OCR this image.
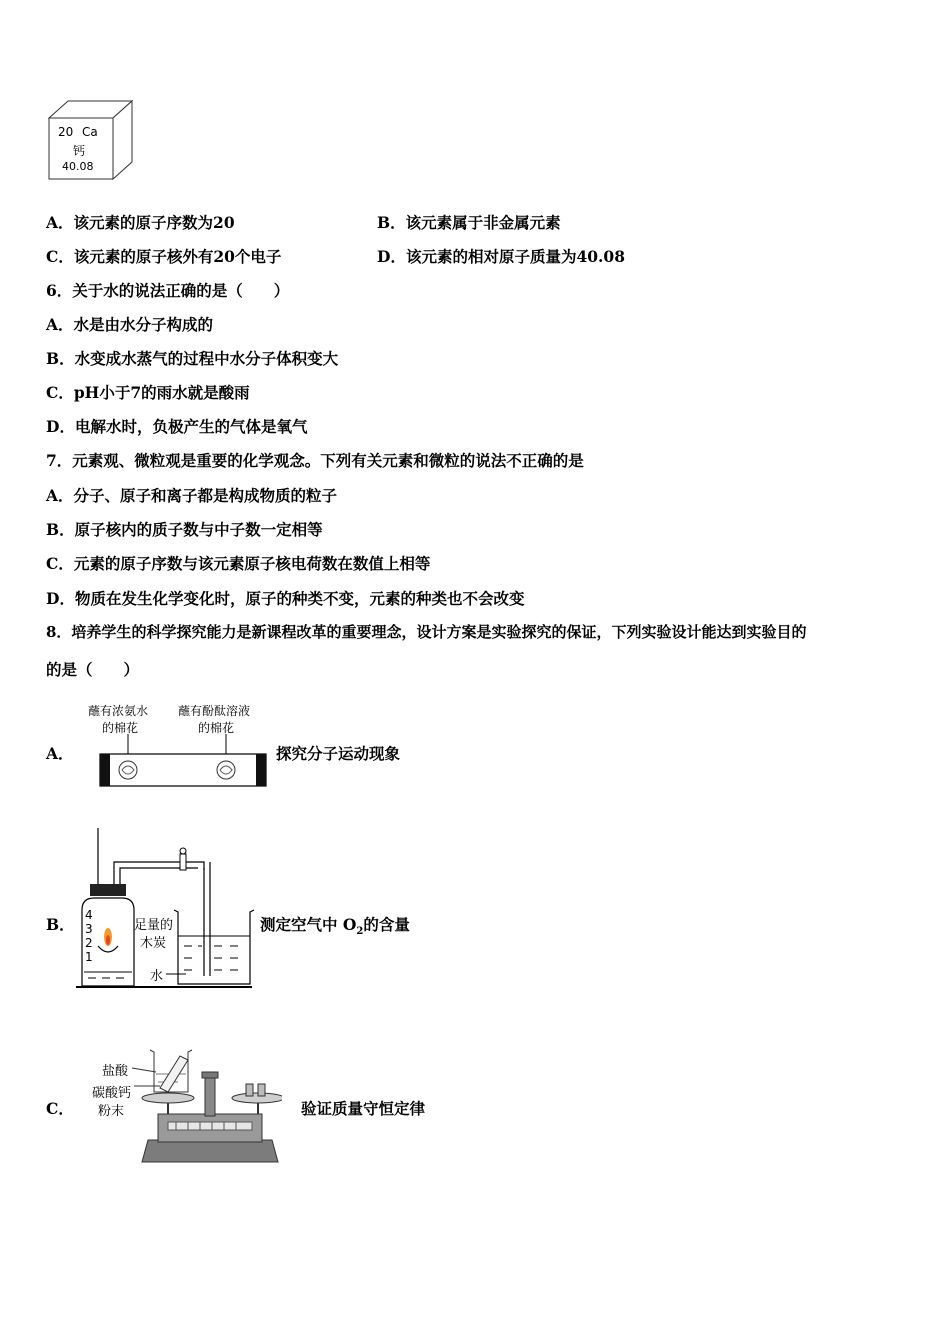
20 Ca
钙
40.08
A．该元素的原子序数为20	B．该元素属于非金属元素
C．该元素的原子核外有20个电子	D．该元素的相对原子质量为40.08
6．关于水的说法正确的是（　　）
A．水是由水分子构成的
B．水变成水蒸气的过程中水分子体积变大
C．pH小于7的雨水就是酸雨
D．电解水时，负极产生的气体是氧气
7．元素观、微粒观是重要的化学观念。下列有关元素和微粒的说法不正确的是
A．分子、原子和离子都是构成物质的粒子
B．原子核内的质子数与中子数一定相等
C．元素的原子序数与该元素原子核电荷数在数值上相等
D．物质在发生化学变化时，原子的种类不变，元素的种类也不会改变
8．培养学生的科学探究能力是新课程改革的重要理念，设计方案是实验探究的保证，下列实验设计能达到实验目的
的是（　　）
A．
蘸有浓氨水
的棉花
蘸有酚酞溶液
的棉花
探究分子运动现象
B． 4
3
2
1
足量的
木炭
水
测定空气中 $O_2$的含量
C．
盐酸
碳酸钙
粉末	验证质量守恒定律
